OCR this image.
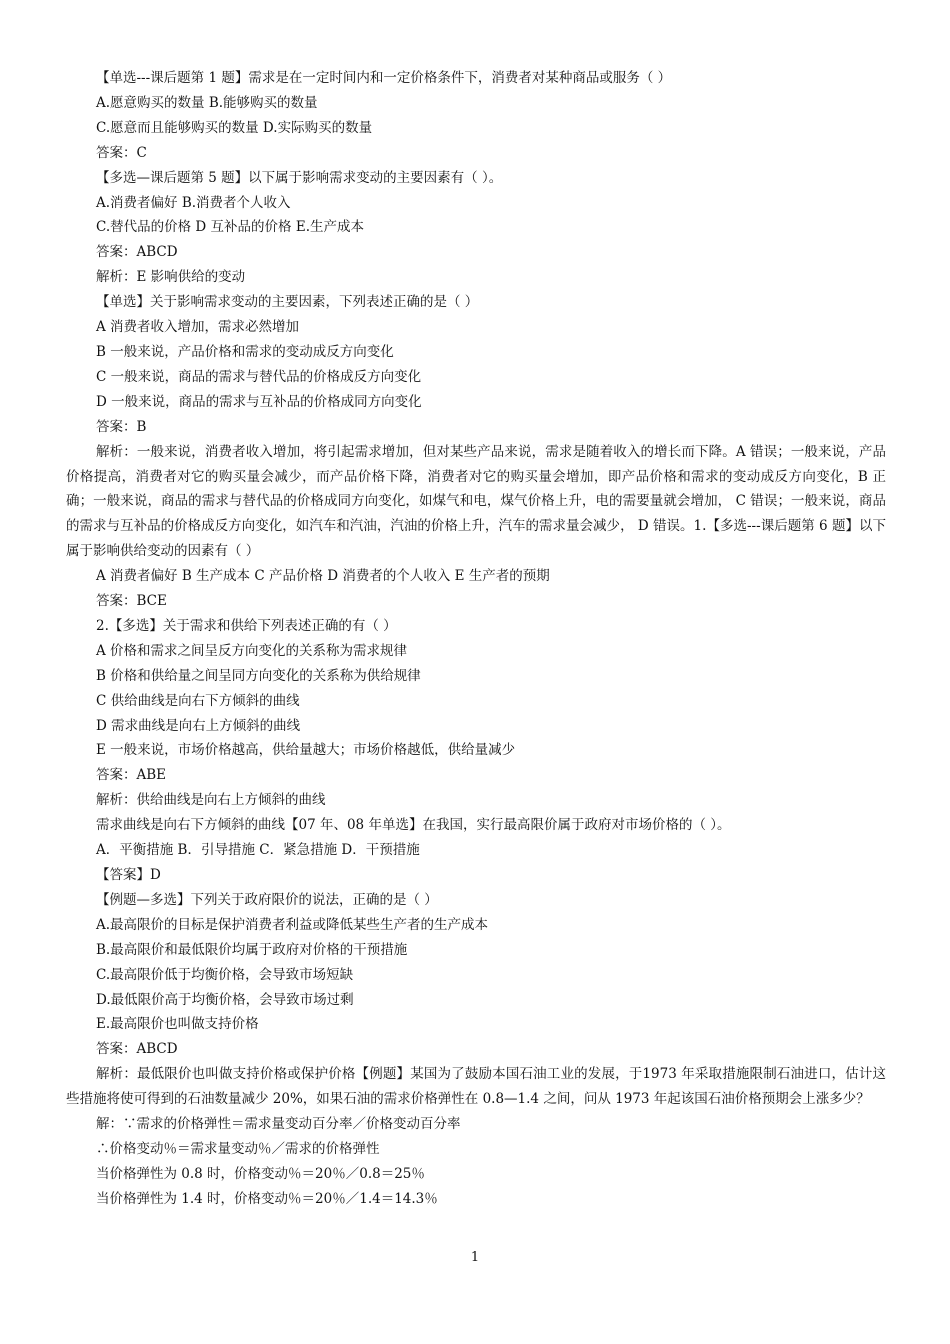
【单选---课后题第 1 题】需求是在一定时间内和一定价格条件下，消费者对某种商品或服务（ ）

A.愿意购买的数量 B.能够购买的数量

C.愿意而且能够购买的数量 D.实际购买的数量

答案：C

【多选—课后题第 5 题】以下属于影响需求变动的主要因素有（ ）。

A.消费者偏好 B.消费者个人收入

C.替代品的价格 D 互补品的价格 E.生产成本

答案：ABCD

解析：E 影响供给的变动

【单选】关于影响需求变动的主要因素，下列表述正确的是（ ）

A 消费者收入增加，需求必然增加

B 一般来说，产品价格和需求的变动成反方向变化

C 一般来说，商品的需求与替代品的价格成反方向变化

D 一般来说，商品的需求与互补品的价格成同方向变化

答案：B

解析：一般来说，消费者收入增加，将引起需求增加，但对某些产品来说，需求是随着收入的增长而下降。A 错误；一般来说，产品价格提高，消费者对它的购买量会减少，而产品价格下降，消费者对它的购买量会增加，即产品价格和需求的变动成反方向变化，B 正确；一般来说，商品的需求与替代品的价格成同方向变化，如煤气和电，煤气价格上升，电的需要量就会增加， C 错误；一般来说，商品的需求与互补品的价格成反方向变化，如汽车和汽油，汽油的价格上升，汽车的需求量会减少， D 错误。1.【多选---课后题第 6 题】以下属于影响供给变动的因素有（ ）

A 消费者偏好 B 生产成本 C 产品价格 D 消费者的个人收入 E 生产者的预期

答案：BCE

2.【多选】关于需求和供给下列表述正确的有（ ）

A 价格和需求之间呈反方向变化的关系称为需求规律

B 价格和供给量之间呈同方向变化的关系称为供给规律

C 供给曲线是向右下方倾斜的曲线

D 需求曲线是向右上方倾斜的曲线

E 一般来说，市场价格越高，供给量越大；市场价格越低，供给量减少

答案：ABE

解析：供给曲线是向右上方倾斜的曲线

需求曲线是向右下方倾斜的曲线【07 年、08 年单选】在我国，实行最高限价属于政府对市场价格的（ ）。

A．平衡措施 B．引导措施 C．紧急措施 D．干预措施

【答案】D

【例题—多选】下列关于政府限价的说法，正确的是（ ）

A.最高限价的目标是保护消费者利益或降低某些生产者的生产成本

B.最高限价和最低限价均属于政府对价格的干预措施

C.最高限价低于均衡价格，会导致市场短缺

D.最低限价高于均衡价格，会导致市场过剩

E.最高限价也叫做支持价格

答案：ABCD

解析：最低限价也叫做支持价格或保护价格【例题】某国为了鼓励本国石油工业的发展，于1973 年采取措施限制石油进口，估计这些措施将使可得到的石油数量减少 20%，如果石油的需求价格弹性在 0.8—1.4 之间，问从 1973 年起该国石油价格预期会上涨多少？

解：∵需求的价格弹性＝需求量变动百分率／价格变动百分率

∴价格变动％＝需求量变动％／需求的价格弹性

当价格弹性为 0.8 时，价格变动％＝20％／0.8＝25％

当价格弹性为 1.4 时，价格变动％＝20％／1.4＝14.3％

1
